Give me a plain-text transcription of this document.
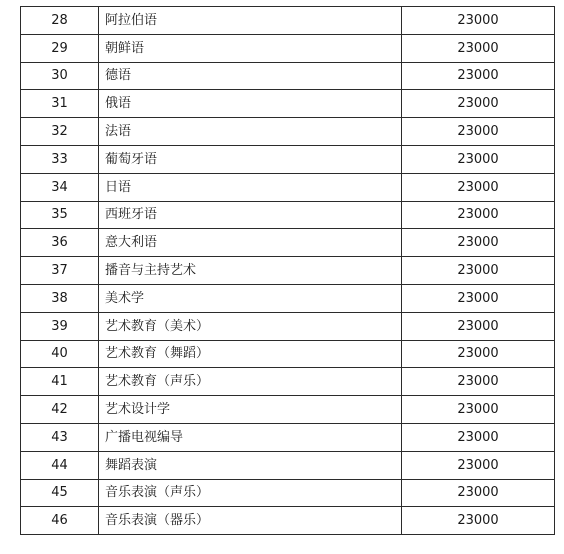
28	阿拉伯语	23000
29	朝鲜语	23000
30	德语	23000
31	俄语	23000
32	法语	23000
33	葡萄牙语	23000
34	日语	23000
35	西班牙语	23000
36	意大利语	23000
37	播音与主持艺术	23000
38	美术学	23000
39	艺术教育（美术）	23000
40	艺术教育（舞蹈）	23000
41	艺术教育（声乐）	23000
42	艺术设计学	23000
43	广播电视编导	23000
44	舞蹈表演	23000
45	音乐表演（声乐）	23000
46	音乐表演（器乐）	23000
